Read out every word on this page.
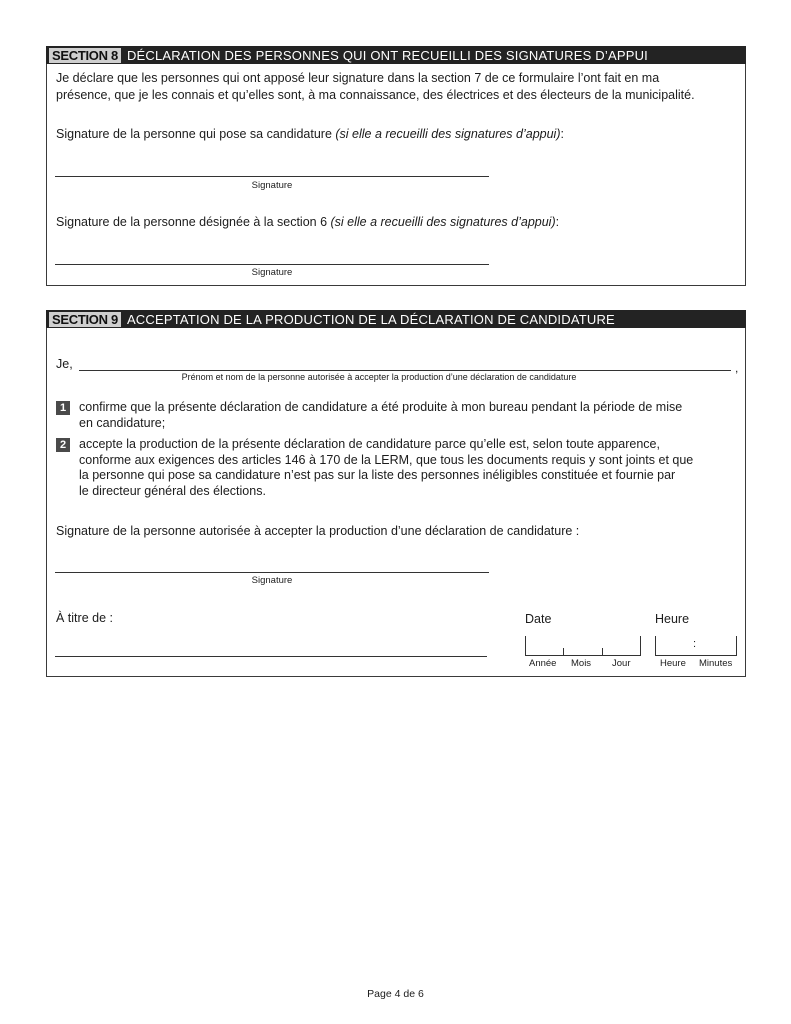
SECTION 8 DÉCLARATION DES PERSONNES QUI ONT RECUEILLI DES SIGNATURES D’APPUI
Je déclare que les personnes qui ont apposé leur signature dans la section 7 de ce formulaire l’ont fait en ma
présence, que je les connais et qu’elles sont, à ma connaissance, des électrices et des électeurs de la municipalité.
Signature de la personne qui pose sa candidature (si elle a recueilli des signatures d’appui):
Signature
Signature de la personne désignée à la section 6 (si elle a recueilli des signatures d’appui):
Signature
SECTION 9 ACCEPTATION DE LA PRODUCTION DE LA DÉCLARATION DE CANDIDATURE
Je,	,
Prénom et nom de la personne autorisée à accepter la production d’une déclaration de candidature
1	confirme que la présente déclaration de candidature a été produite à mon bureau pendant la période de mise
en candidature;
2	accepte la production de la présente déclaration de candidature parce qu’elle est, selon toute apparence,
conforme aux exigences des articles 146 à 170 de la LERM, que tous les documents requis y sont joints et que
la personne qui pose sa candidature n’est pas sur la liste des personnes inéligibles constituée et fournie par
le directeur général des élections.
Signature de la personne autorisée à accepter la production d’une déclaration de candidature :
Signature
À titre de :	Date
Année Mois Jour
Heure
:
Heure Minutes
Page 4 de 6
